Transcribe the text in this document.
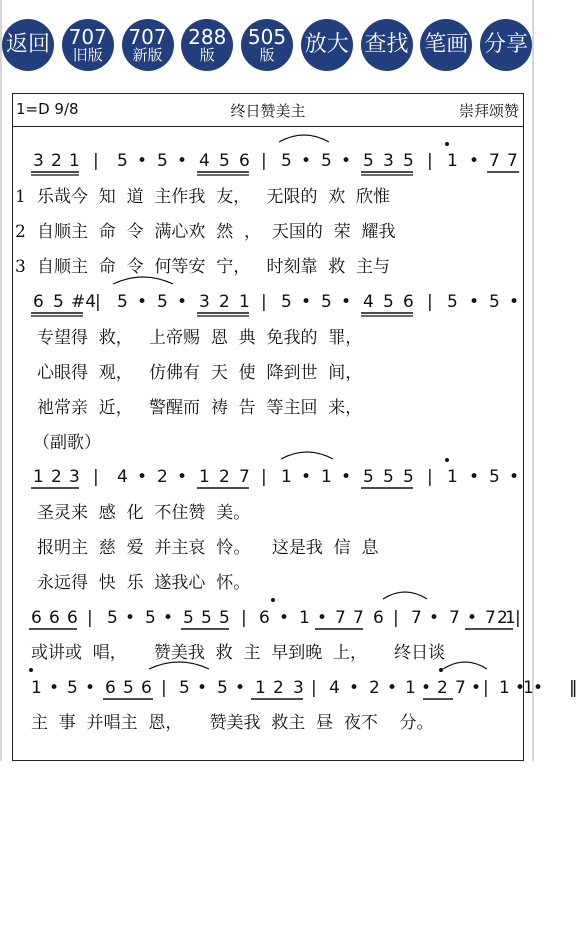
返回 707
旧版
707
新版
288
版
505
版 放大 查找 笔画 分享
1=D 9/8	终日赞美主	崇拜颂赞
3 2 1 | 5 • 5 • 4 5 6 | 5 • 5 • 5 3 5 | 1 • 7 7
1 乐哉今  知  道  主作我  友，   无限的  欢  欣惟
2 自顺主  命  令  满心欢  然  ，  天国的  荣  耀我
3 自顺主  命  令  何等安  宁，   时刻靠  救  主与
6 5 #4
| 5 • 5 • 3 2 1 | 5 • 5 • 4 5 6 | 5 • 5 •
专望得  救，   上帝赐  恩  典  免我的  罪，
心眼得  观，   仿佛有  天  使  降到世  间，
祂常亲  近，   警醒而  祷  告  等主回  来，
（副歌）
1 2 3 | 4 • 2 • 1 2 7 | 1 • 1 • 5 5 5 | 1 • 5 •
圣灵来  感  化  不住赞  美。
报明主  慈  爱  并主哀  怜。    这是我  信  息
永远得  快  乐  遂我心  怀。
6 6 6 | 5 • 5 • 5 5 5 | 6 • 1 • 7 7 6 | 7 • 7 • 7 1
2 |
或讲或  唱，     赞美我  救  主  早到晚  上，     终日谈
1 • 5 • 6 5 6 | 5 • 5 • 1 2 3 | 4 • 2 • 1 • 2 7 • | 1 •
1 • ‖
主  事  并唱主  恩，     赞美我  救主  昼  夜不    分。
